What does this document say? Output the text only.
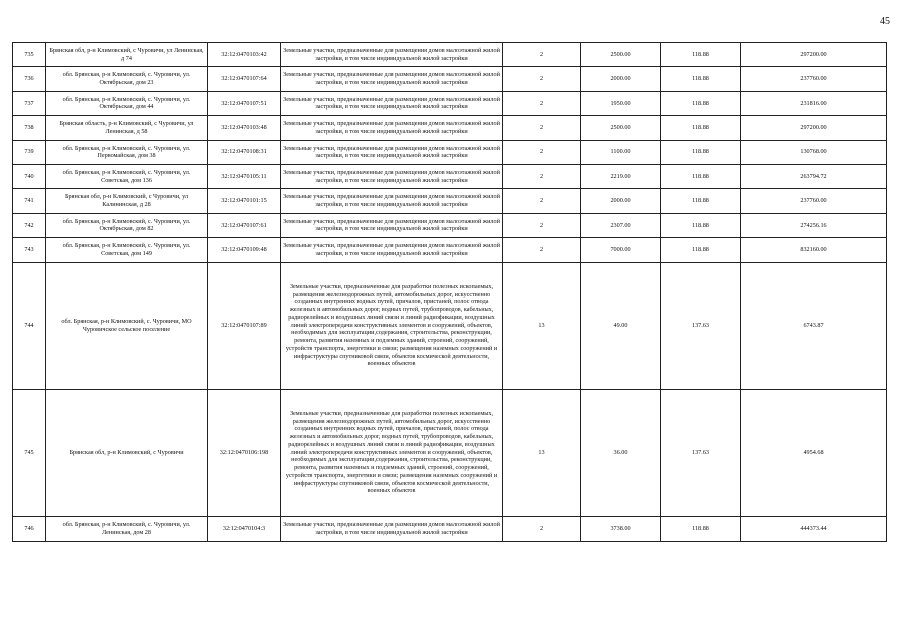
45
735	Брянская обл, р-н Климовский, с Чуровичи, ул Ленинская, д 74	32:12:0470103:42	Земельные участки, предназначенные для размещения домов малоэтажной жилой застройки, в том числе индивидуальной жилой застройки	2	2500.00	118.88	297200.00
736	обл. Брянская, р-н Климовский, с. Чуровичи, ул. Октябрьская, дом 23	32:12:0470107:64	Земельные участки, предназначенные для размещения домов малоэтажной жилой застройки, в том числе индивидуальной жилой застройки	2	2000.00	118.88	237760.00
737	обл. Брянская, р-н Климовский, с. Чуровичи, ул. Октябрьская, дом 44	32:12:0470107:51	Земельные участки, предназначенные для размещения домов малоэтажной жилой застройки, в том числе индивидуальной жилой застройки	2	1950.00	118.88	231816.00
738	Брянская область, р-н Климовский, с Чуровичи, ул Ленинская, д 58	32:12:0470103:48	Земельные участки, предназначенные для размещения домов малоэтажной жилой застройки, в том числе индивидуальной жилой застройки	2	2500.00	118.88	297200.00
739	обл. Брянская, р-н Климовский, с. Чуровичи, ул. Первомайская, дом 38	32:12:0470108:31	Земельные участки, предназначенные для размещения домов малоэтажной жилой застройки, в том числе индивидуальной жилой застройки	2	1100.00	118.88	130768.00
740	обл. Брянская, р-н Климовский, с. Чуровичи, ул. Советская, дом 136	32:12:0470105:11	Земельные участки, предназначенные для размещения домов малоэтажной жилой застройки, в том числе индивидуальной жилой застройки	2	2219.00	118.88	263794.72
741	Брянская обл, р-н Климовский, с Чуровичи, ул Калининская, д 28	32:12:0470101:15	Земельные участки, предназначенные для размещения домов малоэтажной жилой застройки, в том числе индивидуальной жилой застройки	2	2000.00	118.88	237760.00
742	обл. Брянская, р-н Климовский, с. Чуровичи, ул. Октябрьская, дом 82	32:12:0470107:61	Земельные участки, предназначенные для размещения домов малоэтажной жилой застройки, в том числе индивидуальной жилой застройки	2	2307.00	118.88	274256.16
743	обл. Брянская, р-н Климовский, с. Чуровичи, ул. Советская, дом 149	32:12:0470109:48	Земельные участки, предназначенные для размещения домов малоэтажной жилой застройки, в том числе индивидуальной жилой застройки	2	7000.00	118.88	832160.00
744	обл. Брянская, р-н Климовский, с. Чуровичи, МО Чуровичское сельское поселение	32:12:0470107:89	Земельные участки, предназначенные для разработки полезных ископаемых, размещения железнодорожных путей, автомобильных дорог, искусственно созданных внутренних водных путей, причалов, пристаней, полос отвода железных и автомобильных дорог, водных путей, трубопроводов, кабельных, радиорелейных и воздушных линий связи и линий радиофикации, воздушных линий электропередачи конструктивных элементов и сооружений, объектов, необходимых для эксплуатации,содержания, строительства, реконструкции, ремонта, развития наземных и подземных зданий, строений, сооружений, устройств транспорта, энергетики и связи; размещения наземных сооружений и инфраструктуры спутниковой связи, объектов космической деятельности, военных объектов	13	49.00	137.63	6743.87
745	Брянская обл, р-н Климовский, с Чуровичи	32:12:0470106:198	Земельные участки, предназначенные для разработки полезных ископаемых, размещения железнодорожных путей, автомобильных дорог, искусственно созданных внутренних водных путей, причалов, пристаней, полос отвода железных и автомобильных дорог, водных путей, трубопроводов, кабельных, радиорелейных и воздушных линий связи и линий радиофикации, воздушных линий электропередачи конструктивных элементов и сооружений, объектов, необходимых для эксплуатации,содержания, строительства, реконструкции, ремонта, развития наземных и подземных зданий, строений, сооружений, устройств транспорта, энергетики и связи; размещения наземных сооружений и инфраструктуры спутниковой связи, объектов космической деятельности, военных объектов	13	36.00	137.63	4954.68
746	обл. Брянская, р-н Климовский, с. Чуровичи, ул. Ленинская, дом 28	32:12:0470104:3	Земельные участки, предназначенные для размещения домов малоэтажной жилой застройки, в том числе индивидуальной жилой застройки	2	3738.00	118.88	444373.44
